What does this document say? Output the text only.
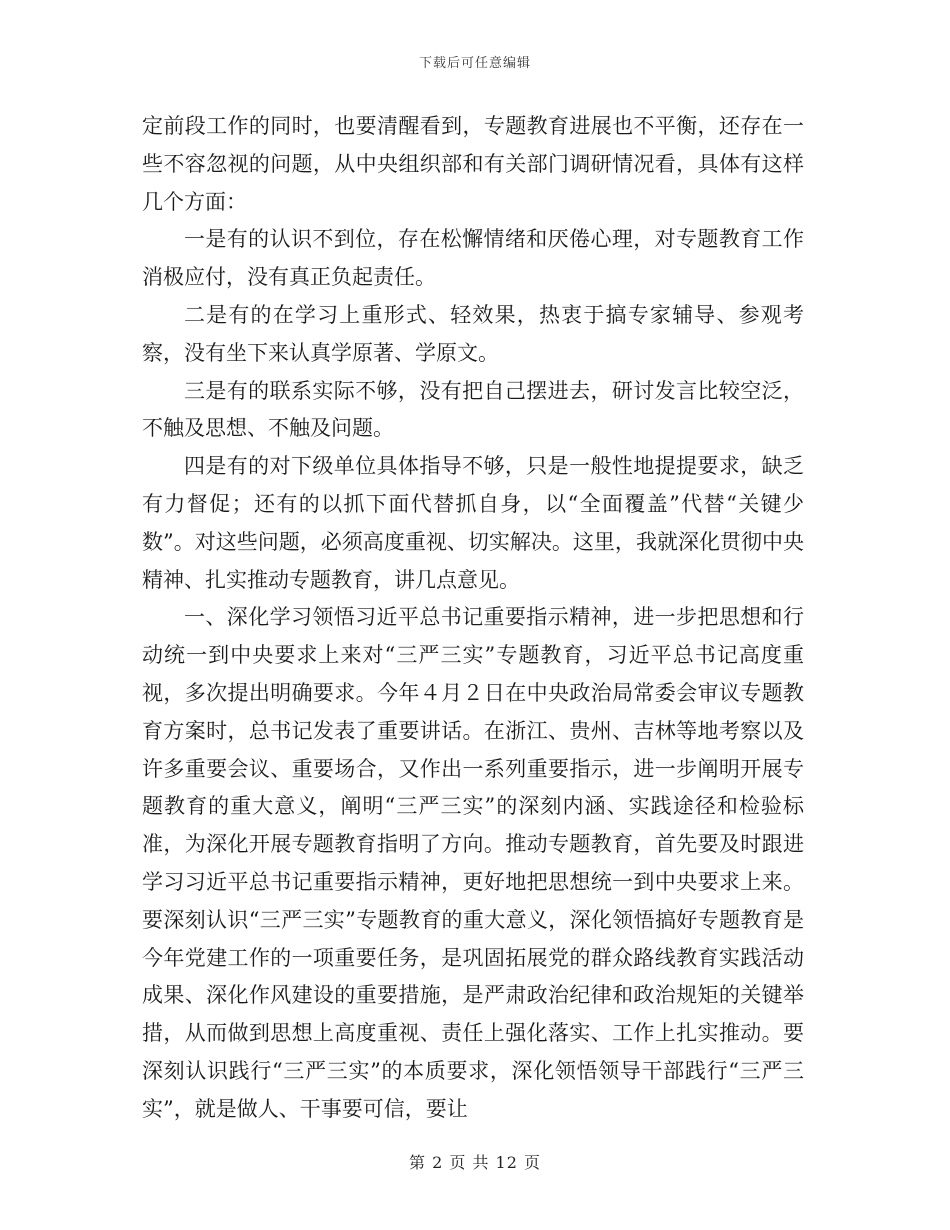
下载后可任意编辑

定前段工作的同时，也要清醒看到，专题教育进展也不平衡，还存在一些不容忽视的问题，从中央组织部和有关部门调研情况看，具体有这样几个方面：

一是有的认识不到位，存在松懈情绪和厌倦心理，对专题教育工作消极应付，没有真正负起责任。

二是有的在学习上重形式、轻效果，热衷于搞专家辅导、参观考察，没有坐下来认真学原著、学原文。

三是有的联系实际不够，没有把自己摆进去，研讨发言比较空泛，不触及思想、不触及问题。

四是有的对下级单位具体指导不够，只是一般性地提提要求，缺乏有力督促；还有的以抓下面代替抓自身，以“全面覆盖”代替“关键少数”。对这些问题，必须高度重视、切实解决。这里，我就深化贯彻中央精神、扎实推动专题教育，讲几点意见。

一、深化学习领悟习近平总书记重要指示精神，进一步把思想和行动统一到中央要求上来对“三严三实”专题教育，习近平总书记高度重视，多次提出明确要求。今年４月２日在中央政治局常委会审议专题教育方案时，总书记发表了重要讲话。在浙江、贵州、吉林等地考察以及许多重要会议、重要场合，又作出一系列重要指示，进一步阐明开展专题教育的重大意义，阐明“三严三实”的深刻内涵、实践途径和检验标准，为深化开展专题教育指明了方向。推动专题教育，首先要及时跟进学习习近平总书记重要指示精神，更好地把思想统一到中央要求上来。要深刻认识“三严三实”专题教育的重大意义，深化领悟搞好专题教育是今年党建工作的一项重要任务，是巩固拓展党的群众路线教育实践活动成果、深化作风建设的重要措施，是严肃政治纪律和政治规矩的关键举措，从而做到思想上高度重视、责任上强化落实、工作上扎实推动。要深刻认识践行“三严三实”的本质要求，深化领悟领导干部践行“三严三实”，就是做人、干事要可信，要让

第 2 页 共 12 页
